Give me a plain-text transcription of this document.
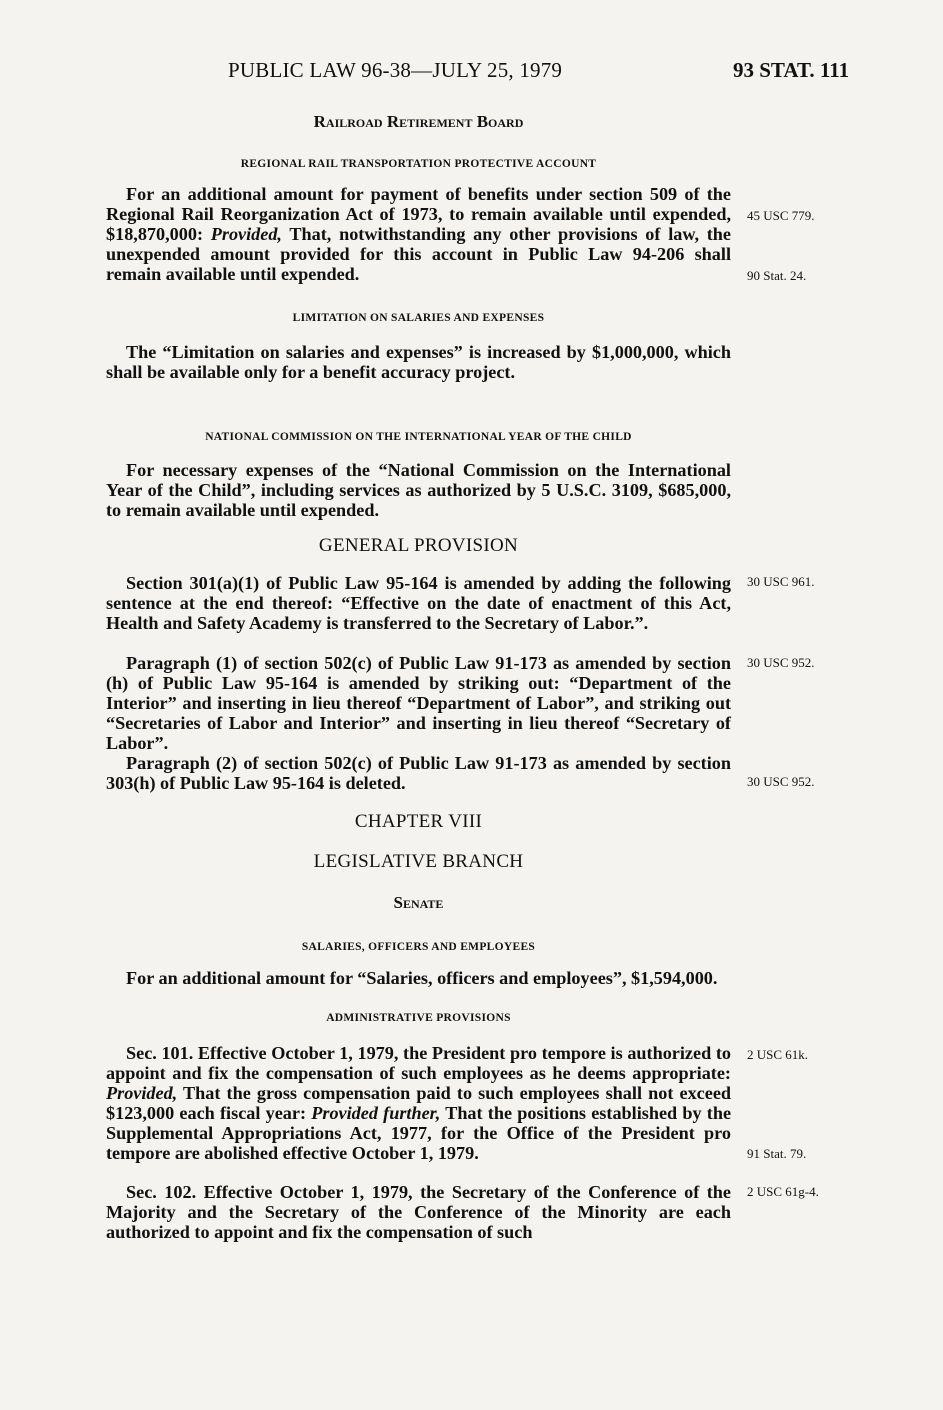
PUBLIC LAW 96-38—JULY 25, 1979	93 STAT. 111
Railroad Retirement Board
REGIONAL RAIL TRANSPORTATION PROTECTIVE ACCOUNT

For an additional amount for payment of benefits under section 509 of the Regional Rail Reorganization Act of 1973, to remain available until expended, $18,870,000: Provided, That, notwithstanding any other provisions of law, the unexpended amount provided for this account in Public Law 94-206 shall remain available until expended.

LIMITATION ON SALARIES AND EXPENSES

The “Limitation on salaries and expenses” is increased by $1,000,000, which shall be available only for a benefit accuracy project.

NATIONAL COMMISSION ON THE INTERNATIONAL YEAR OF THE CHILD

For necessary expenses of the “National Commission on the International Year of the Child”, including services as authorized by 5 U.S.C. 3109, $685,000, to remain available until expended.

GENERAL PROVISION

Section 301(a)(1) of Public Law 95-164 is amended by adding the following sentence at the end thereof: “Effective on the date of enactment of this Act, Health and Safety Academy is transferred to the Secretary of Labor.”.

Paragraph (1) of section 502(c) of Public Law 91-173 as amended by section (h) of Public Law 95-164 is amended by striking out: “Department of the Interior” and inserting in lieu thereof “Department of Labor”, and striking out “Secretaries of Labor and Interior” and inserting in lieu thereof “Secretary of Labor”.

Paragraph (2) of section 502(c) of Public Law 91-173 as amended by section 303(h) of Public Law 95-164 is deleted.

CHAPTER VIII
LEGISLATIVE BRANCH
Senate
SALARIES, OFFICERS AND EMPLOYEES

For an additional amount for “Salaries, officers and employees”, $1,594,000.

ADMINISTRATIVE PROVISIONS

Sec. 101. Effective October 1, 1979, the President pro tempore is authorized to appoint and fix the compensation of such employees as he deems appropriate: Provided, That the gross compensation paid to such employees shall not exceed $123,000 each fiscal year: Provided further, That the positions established by the Supplemental Appropriations Act, 1977, for the Office of the President pro tempore are abolished effective October 1, 1979.

Sec. 102. Effective October 1, 1979, the Secretary of the Conference of the Majority and the Secretary of the Conference of the Minority are each authorized to appoint and fix the compensation of such

45 USC 779.
90 Stat. 24.
30 USC 961.
30 USC 952.
30 USC 952.
2 USC 61k.
91 Stat. 79.
2 USC 61g-4.
